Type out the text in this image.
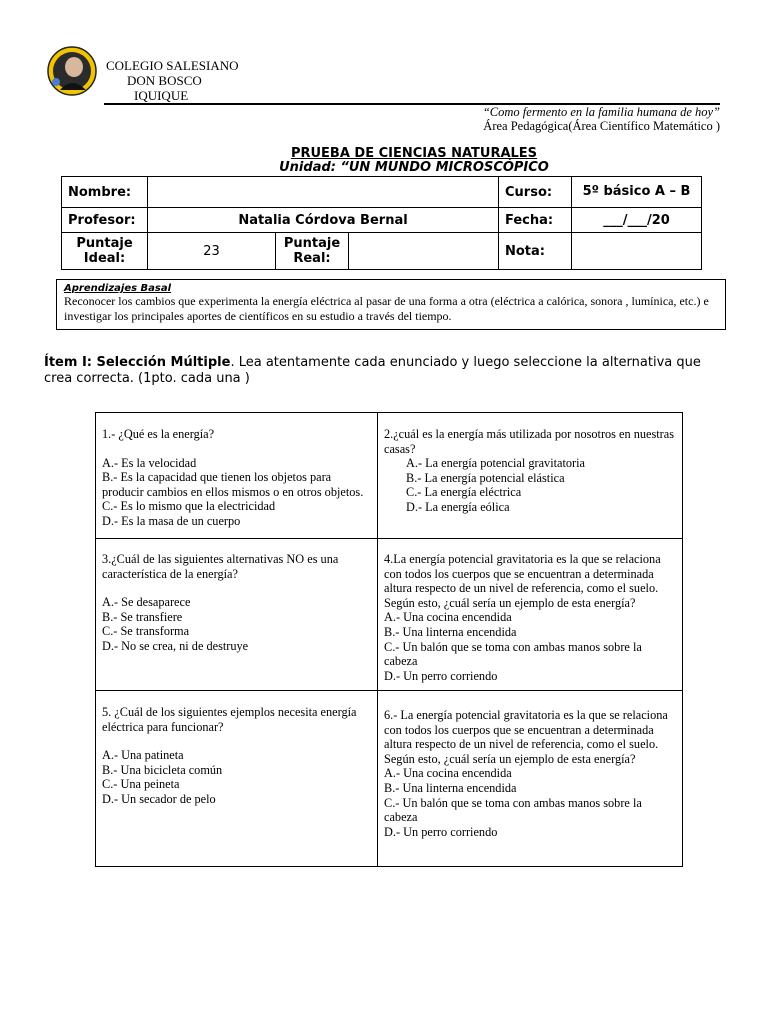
COLEGIO SALESIANO
DON BOSCO
IQUIQUE
“Como fermento en la familia humana de hoy”
Área Pedagógica(Área Científico Matemático )
PRUEBA DE CIENCIAS NATURALES
Unidad: “UN MUNDO MICROSCÓPICO
Nombre:				Curso:	5º básico A – B
Profesor:	Natalia Córdova Bernal			Fecha:	___/___/20
Puntaje Ideal:	23	Puntaje Real:		Nota:	
Aprendizajes Basal
Reconocer los cambios que experimenta la energía eléctrica al pasar de una forma a otra (eléctrica a calórica, sonora , lumínica, etc.) e investigar los principales aportes de científicos en su estudio a través del tiempo.
Ítem I: Selección Múltiple. Lea atentamente cada enunciado y luego seleccione la alternativa que crea correcta. (1pto. cada una )
1.- ¿Qué es la energía?
A.- Es la velocidad
B.- Es la capacidad que tienen los objetos para producir cambios en ellos mismos o en otros objetos.
C.- Es lo mismo que la electricidad
D.- Es la masa de un cuerpo
2.¿cuál es la energía más utilizada por nosotros en nuestras casas?
A.- La energía potencial gravitatoria
B.- La energía potencial elástica
C.- La energía eléctrica
D.- La energía eólica
3.¿Cuál de las siguientes alternativas NO es una característica de la energía?
A.- Se desaparece
B.- Se transfiere
C.- Se transforma
D.- No se crea, ni de destruye
4.La energía potencial gravitatoria es la que se relaciona con todos los cuerpos que se encuentran a determinada altura respecto de un nivel de referencia, como el suelo. Según esto, ¿cuál sería un ejemplo de esta energía?
A.- Una cocina encendida
B.- Una linterna encendida
C.- Un balón que se toma con ambas manos sobre la cabeza
D.- Un perro corriendo
5. ¿Cuál de los siguientes ejemplos necesita energía eléctrica para funcionar?
A.- Una patineta
B.- Una bicicleta común
C.- Una peineta
D.- Un secador de pelo
6.- La energía potencial gravitatoria es la que se relaciona con todos los cuerpos que se encuentran a determinada altura respecto de un nivel de referencia, como el suelo. Según esto, ¿cuál sería un ejemplo de esta energía?
A.- Una cocina encendida
B.- Una linterna encendida
C.- Un balón que se toma con ambas manos sobre la cabeza
D.- Un perro corriendo
